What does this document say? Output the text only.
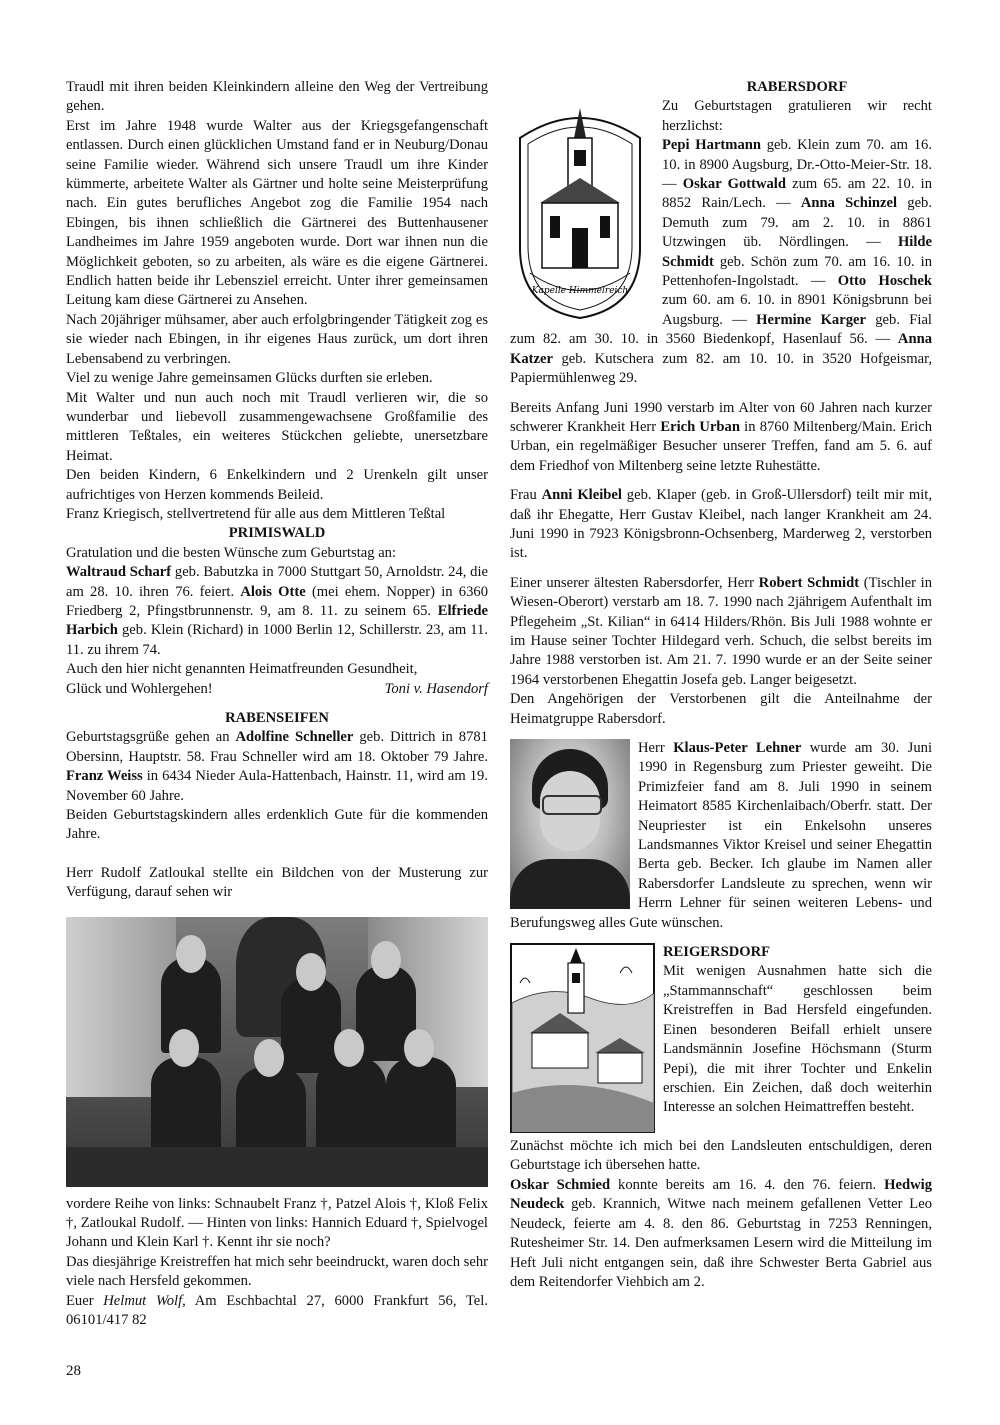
Traudl mit ihren beiden Kleinkindern alleine den Weg der Vertreibung gehen.

Erst im Jahre 1948 wurde Walter aus der Kriegsgefangenschaft entlassen. Durch einen glücklichen Umstand fand er in Neuburg/Donau seine Familie wieder. Während sich unsere Traudl um ihre Kinder kümmerte, arbeitete Walter als Gärtner und holte seine Meisterprüfung nach. Ein gutes berufliches Angebot zog die Familie 1954 nach Ebingen, bis ihnen schließlich die Gärtnerei des Buttenhausener Landheimes im Jahre 1959 angeboten wurde. Dort war ihnen nun die Möglichkeit geboten, so zu arbeiten, als wäre es die eigene Gärtnerei. Endlich hatten beide ihr Lebensziel erreicht. Unter ihrer gemeinsamen Leitung kam diese Gärtnerei zu Ansehen.

Nach 20jähriger mühsamer, aber auch erfolgbringender Tätigkeit zog es sie wieder nach Ebingen, in ihr eigenes Haus zurück, um dort ihren Lebensabend zu verbringen.

Viel zu wenige Jahre gemeinsamen Glücks durften sie erleben.

Mit Walter und nun auch noch mit Traudl verlieren wir, die so wunderbar und liebevoll zusammengewachsene Großfamilie des mittleren Teßtales, ein weiteres Stückchen geliebte, unersetzbare Heimat.

Den beiden Kindern, 6 Enkelkindern und 2 Urenkeln gilt unser aufrichtiges von Herzen kommends Beileid.

Franz Kriegisch, stellvertretend für alle aus dem Mittleren Teßtal

PRIMISWALD

Gratulation und die besten Wünsche zum Geburtstag an:

Waltraud Scharf geb. Babutzka in 7000 Stuttgart 50, Arnoldstr. 24, die am 28. 10. ihren 76. feiert. Alois Otte (mei ehem. Nopper) in 6360 Friedberg 2, Pfingstbrunnenstr. 9, am 8. 11. zu seinem 65. Elfriede Harbich geb. Klein (Richard) in 1000 Berlin 12, Schillerstr. 23, am 11. 11. zu ihrem 74.

Auch den hier nicht genannten Heimatfreunden Gesundheit,

Glück und Wohlergehen!	Toni v. Hasendorf

RABENSEIFEN

Geburtstagsgrüße gehen an Adolfine Schneller geb. Dittrich in 8781 Obersinn, Hauptstr. 58. Frau Schneller wird am 18. Oktober 79 Jahre. Franz Weiss in 6434 Nieder Aula-Hattenbach, Hainstr. 11, wird am 19. November 60 Jahre.

Beiden Geburtstagskindern alles erdenklich Gute für die kommenden Jahre.

Herr Rudolf Zatloukal stellte ein Bildchen von der Musterung zur Verfügung, darauf sehen wir

vordere Reihe von links: Schnaubelt Franz †, Patzel Alois †, Kloß Felix †, Zatloukal Rudolf. — Hinten von links: Hannich Eduard †, Spielvogel Johann und Klein Karl †. Kennt ihr sie noch?

Das diesjährige Kreistreffen hat mich sehr beeindruckt, waren doch sehr viele nach Hersfeld gekommen.

Euer Helmut Wolf, Am Eschbachtal 27, 6000 Frankfurt 56, Tel. 06101/417 82

Kapelle Himmelreich
RABERSDORF

Zu Geburtstagen gratulieren wir recht herzlichst:

Pepi Hartmann geb. Klein zum 70. am 16. 10. in 8900 Augsburg, Dr.-Otto-Meier-Str. 18. — Oskar Gottwald zum 65. am 22. 10. in 8852 Rain/Lech. — Anna Schinzel geb. Demuth zum 79. am 2. 10. in 8861 Utzwingen üb. Nördlingen. — Hilde Schmidt geb. Schön zum 70. am 16. 10. in Pettenhofen-Ingolstadt. — Otto Hoschek zum 60. am 6. 10. in 8901 Königsbrunn bei Augsburg. — Hermine Karger geb. Fial zum 82. am 30. 10. in 3560 Biedenkopf, Hasenlauf 56. — Anna Katzer geb. Kutschera zum 82. am 10. 10. in 3520 Hofgeismar, Papiermühlenweg 29.

Bereits Anfang Juni 1990 verstarb im Alter von 60 Jahren nach kurzer schwerer Krankheit Herr Erich Urban in 8760 Miltenberg/Main. Erich Urban, ein regelmäßiger Besucher unserer Treffen, fand am 5. 6. auf dem Friedhof von Miltenberg seine letzte Ruhestätte.

Frau Anni Kleibel geb. Klaper (geb. in Groß-Ullersdorf) teilt mir mit, daß ihr Ehegatte, Herr Gustav Kleibel, nach langer Krankheit am 24. Juni 1990 in 7923 Königsbronn-Ochsenberg, Marderweg 2, verstorben ist.

Einer unserer ältesten Rabersdorfer, Herr Robert Schmidt (Tischler in Wiesen-Oberort) verstarb am 18. 7. 1990 nach 2jährigem Aufenthalt im Pflegeheim „St. Kilian“ in 6414 Hilders/Rhön. Bis Juli 1988 wohnte er im Hause seiner Tochter Hildegard verh. Schuch, die selbst bereits im Jahre 1988 verstorben ist. Am 21. 7. 1990 wurde er an der Seite seiner 1964 verstorbenen Ehegattin Josefa geb. Langer beigesetzt.

Den Angehörigen der Verstorbenen gilt die Anteilnahme der Heimatgruppe Rabersdorf.

Herr Klaus-Peter Lehner wurde am 30. Juni 1990 in Regensburg zum Priester geweiht. Die Primizfeier fand am 8. Juli 1990 in seinem Heimatort 8585 Kirchenlaibach/Oberfr. statt. Der Neupriester ist ein Enkelsohn unseres Landsmannes Viktor Kreisel und seiner Ehegattin Berta geb. Becker. Ich glaube im Namen aller Rabersdorfer Landsleute zu sprechen, wenn wir Herrn Lehner für seinen weiteren Lebens- und Berufungsweg alles Gute wünschen.

REIGERSDORF

Mit wenigen Ausnahmen hatte sich die „Stammannschaft“ geschlossen beim Kreistreffen in Bad Hersfeld eingefunden. Einen besonderen Beifall erhielt unsere Landsmännin Josefine Höchsmann (Sturm Pepi), die mit ihrer Tochter und Enkelin erschien. Ein Zeichen, daß doch weiterhin Interesse an solchen Heimattreffen besteht.

Zunächst möchte ich mich bei den Landsleuten entschuldigen, deren Geburtstage ich übersehen hatte.

Oskar Schmied konnte bereits am 16. 4. den 76. feiern. Hedwig Neudeck geb. Krannich, Witwe nach meinem gefallenen Vetter Leo Neudeck, feierte am 4. 8. den 86. Geburtstag in 7253 Renningen, Rutesheimer Str. 14. Den aufmerksamen Lesern wird die Mitteilung im Heft Juli nicht entgangen sein, daß ihre Schwester Berta Gabriel aus dem Reitendorfer Viehbich am 2.

28
